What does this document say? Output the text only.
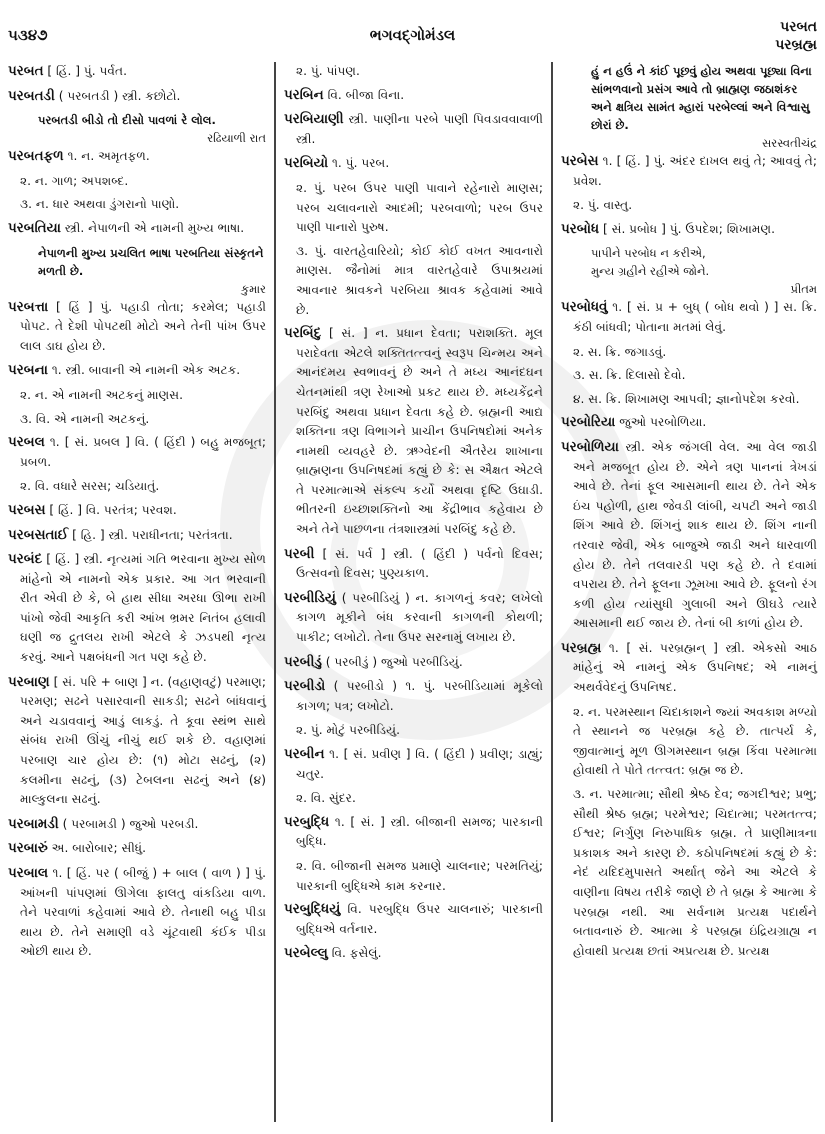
૫૩૪૭	ભગવદ્ગોમંડલ	પરબત
પરબ્રહ્મ
પરબત [ હિં. ] પું. પર્વત.
પરબતડી ( પરબતડી ) સ્ત્રી. કછોટો.
પરબતડી બીડો તો દીસો પાવળાં રે લોલ.
રઢિયાળી રાત
પરબતફળ ૧. ન. અમૃતફળ.
૨. ન. ગાળ; અપશબ્દ.
૩. ન. ધાર અથવા ડુંગરાનો પાણો.
પરબતિયા સ્ત્રી. નેપાળની એ નામની મુખ્ય ભાષા.
નેપાળની મુખ્ય પ્રચલિત ભાષા પરબતિયા સંસ્કૃતને મળતી છે.
કુમાર
પરબત્તા [ હિં ] પું. પહાડી તોતા; કરમેલ; પહાડી પોપટ. તે દેશી પોપટથી મોટો અને તેની પાંખ ઉપર લાલ ડાઘ હોય છે.
પરબના ૧. સ્ત્રી. બાવાની એ નામની એક અટક.
૨. ન. એ નામની અટકનું માણસ.
૩. વિ. એ નામની અટકનું.
પરબલ ૧. [ સં. પ્રબલ ] વિ. ( હિંદી ) બહુ મજબૂત; પ્રબળ.
૨. વિ. વધારે સરસ; ચડિયાતું.
પરબસ [ હિં. ] વિ. પરતંત્ર; પરવશ.
પરબસતાઈ [ હિ. ] સ્ત્રી. પરાધીનતા; પરતંત્રતા.
પરબંદ [ હિં. ] સ્ત્રી. નૃત્યમાં ગતિ ભરવાના મુખ્ય સોળ માંહેનો એ નામનો એક પ્રકાર. આ ગત ભરવાની રીત એવી છે કે, બે હાથ સીધા અરધા ઊભા રાખી પાંખો જેવી આકૃતિ કરી આંખ ભ્રમર નિતંબ હલાવી ઘણી જ દ્રુતલય રાખી એટલે કે ઝડપથી નૃત્ય કરવું. આને પક્ષબંધની ગત પણ કહે છે.
પરબાણ [ સં. પરિ + બાણ ] ન. (વહાણવટું) પરમાણ; પરમણ; સઢને પસારવાની સાકડી; સઢને બાંધવાનું અને ચડાવવાનું આડું લાકડું. તે કૂવા સ્થંભ સાથે સંબંધ રાખી ઊંચું નીચું થઈ શકે છે. વહાણમાં પરબાણ ચાર હોય છે: (૧) મોટા સઢનું, (૨) કલમીના સઢનું, (૩) ટેબલના સઢનું અને (૪) માલ્કુલના સઢનું.
પરબામડી ( પરબામડી ) જુઓ પરબડી.
પરબારું અ. બારોબાર; સીધું.
પરબાલ ૧. [ હિં. પર ( બીજું ) + બાલ ( વાળ ) ] પું. આંખની પાંપણમાં ઊગેલા ફાલતુ વાંકડિયા વાળ. તેને પરવાળાં કહેવામાં આવે છે. તેનાથી બહુ પીડા થાય છે. તેને સમાણી વડે ચૂંટવાથી કંઈક પીડા ઓછી થાય છે.
૨. પું. પાંપણ.
પરબિન વિ. બીજા વિના.
પરબિયાણી સ્ત્રી. પાણીના પરબે પાણી પિવડાવવાવાળી સ્ત્રી.
પરબિયો ૧. પું. પરબ.
૨. પું. પરબ ઉપર પાણી પાવાને રહેનારો માણસ; પરબ ચલાવનારો આદમી; પરબવાળો; પરબ ઉપર પાણી પાનારો પુરુષ.
૩. પું. વારતહેવારિયો; કોઈ કોઈ વખત આવનારો માણસ. જૈનોમાં માત્ર વારતહેવારે ઉપાશ્રયમાં આવનાર શ્રાવકને પરબિયા શ્રાવક કહેવામાં આવે છે.
પરબિંદુ [ સં. ] ન. પ્રધાન દેવતા; પરાશક્તિ. મૂલ પરાદેવતા એટલે શક્તિતત્ત્વનું સ્વરૂપ ચિન્મય અને આનંદમય સ્વભાવનું છે અને તે મધ્ય આનંદઘન ચેતનમાંથી ત્રણ રેખાઓ પ્રકટ થાય છે. મધ્યકેંદ્રને પરબિંદુ અથવા પ્રધાન દેવતા કહે છે. બ્રહ્મની આદ્ય શક્તિના ત્રણ વિભાગને પ્રાચીન ઉપનિષદોમાં અનેક નામથી વ્યવહરે છે. ઋગ્વેદની ઐતરેય શાખાના બ્રાહ્મણના ઉપનિષદમાં કહ્યું છે કે: સ ઐક્ષત એટલે તે પરમાત્માએ સંકલ્પ કર્યો અથવા દૃષ્ટિ ઉઘાડી. ભીતરની ઇચ્છાશક્તિનો આ કેંદ્રીભાવ કહેવાય છે અને તેને પાછળના તંત્રશાસ્ત્રમાં પરબિંદુ કહે છે.
પરબી [ સં. પર્વ ] સ્ત્રી. ( હિંદી ) પર્વનો દિવસ; ઉત્સવનો દિવસ; પુણ્યકાળ.
પરબીડિયું ( પરબીડિયું ) ન. કાગળનું કવર; લખેલો કાગળ મૂકીને બંધ કરવાની કાગળની કોથળી; પાકીટ; લખોટો. તેના ઉપર સરનામું લખાય છે.
પરબીડું ( પરબીડું ) જુઓ પરબીડિયું.
પરબીડો ( પરબીડો ) ૧. પું. પરબીડિયામાં મૂકેલો કાગળ; પત્ર; લખોટો.
૨. પું. મોટું પરબીડિયું.
પરબીન ૧. [ સં. પ્રવીણ ] વિ. ( હિંદી ) પ્રવીણ; ડાહ્યું; ચતુર.
૨. વિ. સુંદર.
પરબુદ્ધિ ૧. [ સં. ] સ્ત્રી. બીજાની સમજ; પારકાની બુદ્ધિ.
૨. વિ. બીજાની સમજ પ્રમાણે ચાલનાર; પરમતિયું; પારકાની બુદ્ધિએ કામ કરનાર.
પરબુદ્ધિયું વિ. પરબુદ્ધિ ઉપર ચાલનારું; પારકાની બુદ્ધિએ વર્તનાર.
પરબેલ્લુ વિ. ફસેલું.
હું ન હઉં ને કાંઈ પૂછવું હોય અથવા પૂછ્યા વિના સાંભળવાનો પ્રસંગ આવે તો બ્રાહ્મણ જઠાશંકર અને ક્ષત્રિય સામંત મ્હારાં પરબેલ્લાં અને વિશ્વાસુ છોરાં છે.
સરસ્વતીચંદ્ર
પરબેસ ૧. [ હિં. ] પું. અંદર દાખલ થવું તે; આવવું તે; પ્રવેશ.
૨. પું. વાસ્તુ.
પરબોધ [ સં. પ્રબોધ ] પું. ઉપદેશ; શિખામણ.
પાપીને પરબોધ ન કરીએ,
મુન્ય ગ્રહીને રહીએ જોને.
પ્રીતમ
પરબોધવું ૧. [ સં. પ્ર + બુધ્ ( બોધ થવો ) ] સ. ક્રિ. કંઠી બાંધવી; પોતાના મતમાં લેવું.
૨. સ. ક્રિ. જગાડવું.
૩. સ. ક્રિ. દિલાસો દેવો.
૪. સ. ક્રિ. શિખામણ આપવી; જ્ઞાનોપદેશ કરવો.
પરબોરિયા જુઓ પરબોળિયા.
પરબોળિયા સ્ત્રી. એક જંગલી વેલ. આ વેલ જાડી અને મજબૂત હોય છે. એને ત્રણ પાનનાં ત્રેખડાં આવે છે. તેનાં ફૂલ આસમાની થાય છે. તેને એક ઇંચ પહોળી, હાથ જેવડી લાંબી, ચપટી અને જાડી શિંગ આવે છે. શિંગનું શાક થાય છે. શિંગ નાની તરવાર જેવી, એક બાજુએ જાડી અને ધારવાળી હોય છે. તેને તલવારડી પણ કહે છે. તે દવામાં વપરાય છે. તેને ફૂલના ઝૂમખા આવે છે. ફૂલનો રંગ કળી હોય ત્યાંસુધી ગુલાબી અને ઊઘડે ત્યારે આસમાની થઈ જાય છે. તેનાં બી કાળાં હોય છે.
પરબ્રહ્મ ૧. [ સં. પરબ્રહ્મન્ ] સ્ત્રી. એકસો આઠ માંહેનું એ નામનું એક ઉપનિષદ; એ નામનું અથર્વવેદનું ઉપનિષદ.
૨. ન. પરમસ્થાન ચિદાકાશને જ્યાં અવકાશ મળ્યો તે સ્થાનને જ પરબ્રહ્મ કહે છે. તાત્પર્ય કે, જીવાત્માનું મૂળ ઊગમસ્થાન બ્રહ્મ કિંવા પરમાત્મા હોવાથી તે પોતે તત્ત્વત: બ્રહ્મ જ છે.
૩. ન. પરમાત્મા; સૌથી શ્રેષ્ઠ દેવ; જગદીશ્વર; પ્રભુ; સૌથી શ્રેષ્ઠ બ્રહ્મ; પરમેશ્વર; ચિદાત્મા; પરમતત્ત્વ; ઈશ્વર; નિર્ગુણ નિરુપાધિક બ્રહ્મ. તે પ્રાણીમાત્રના પ્રકાશક અને કારણ છે. કઠોપનિષદમાં કહ્યું છે કે: નેદં યદિદમુપાસતે અર્થાત્ જેને આ એટલે કે વાણીના વિષય તરીકે જાણે છે તે બ્રહ્મ કે આત્મા કે પરબ્રહ્મ નથી. આ સર્વનામ પ્રત્યક્ષ પદાર્થને બતાવનારું છે. આત્મા કે પરબ્રહ્મ ઇંદ્રિયગ્રાહ્ય ન હોવાથી પ્રત્યક્ષ છતાં અપ્રત્યક્ષ છે. પ્રત્યક્ષ
